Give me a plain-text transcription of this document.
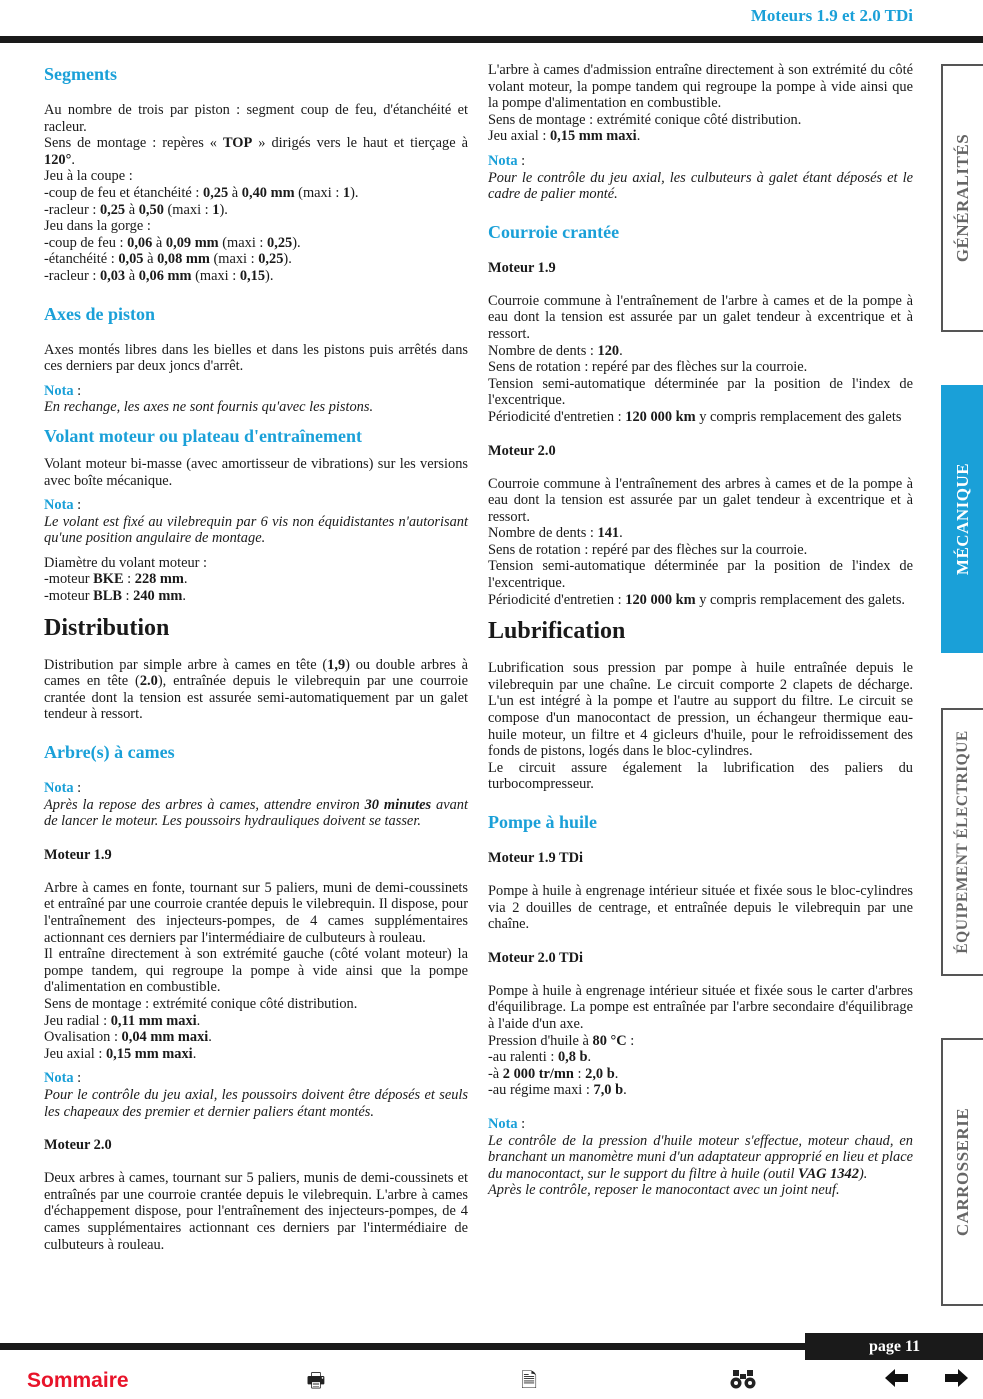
Moteurs 1.9 et 2.0 TDi
Segments

Au nombre de trois par piston : segment coup de feu, d'étanchéité et racleur.

Sens de montage : repères « TOP » dirigés vers le haut et tierçage à 120°.

Jeu à la coupe :

-coup de feu et étanchéité : 0,25 à 0,40 mm (maxi : 1).

-racleur : 0,25 à 0,50 (maxi : 1).

Jeu dans la gorge :

-coup de feu : 0,06 à 0,09 mm (maxi : 0,25).

-étanchéité : 0,05 à 0,08 mm (maxi : 0,25).

-racleur : 0,03 à 0,06 mm (maxi : 0,15).

Axes de piston

Axes montés libres dans les bielles et dans les pistons puis arrêtés dans ces derniers par deux joncs d'arrêt.

Nota :

En rechange, les axes ne sont fournis qu'avec les pistons.

Volant moteur ou plateau d'entraînement

Volant moteur bi-masse (avec amortisseur de vibrations) sur les versions avec boîte mécanique.

Nota :

Le volant est fixé au vilebrequin par 6 vis non équidistantes n'autorisant qu'une position angulaire de montage.

Diamètre du volant moteur :

-moteur BKE : 228 mm.

-moteur BLB : 240 mm.

Distribution

Distribution par simple arbre à cames en tête (1,9) ou double arbres à cames en tête (2.0), entraînée depuis le vilebrequin par une courroie crantée dont la tension est assurée semi-automatiquement par un galet tendeur à ressort.

Arbre(s) à cames

Nota :

Après la repose des arbres à cames, attendre environ 30 minutes avant de lancer le moteur. Les poussoirs hydrauliques doivent se tasser.

Moteur 1.9

Arbre à cames en fonte, tournant sur 5 paliers, muni de demi-coussinets et entraîné par une courroie crantée depuis le vilebrequin. Il dispose, pour l'entraînement des injecteurs-pompes, de 4 cames supplémentaires actionnant ces derniers par l'intermédiaire de culbuteurs à rouleau.

Il entraîne directement à son extrémité gauche (côté volant moteur) la pompe tandem, qui regroupe la pompe à vide ainsi que la pompe d'alimentation en combustible.

Sens de montage : extrémité conique côté distribution.

Jeu radial : 0,11 mm maxi.

Ovalisation : 0,04 mm maxi.

Jeu axial : 0,15 mm maxi.

Nota :

Pour le contrôle du jeu axial, les poussoirs doivent être déposés et seuls les chapeaux des premier et dernier paliers étant montés.

Moteur 2.0

Deux arbres à cames, tournant sur 5 paliers, munis de demi-coussinets et entraînés par une courroie crantée depuis le vilebrequin. L'arbre à cames d'échappement dispose, pour l'entraînement des injecteurs-pompes, de 4 cames supplémentaires actionnant ces derniers par l'intermédiaire de culbuteurs à rouleau.

L'arbre à cames d'admission entraîne directement à son extrémité du côté volant moteur, la pompe tandem qui regroupe la pompe à vide ainsi que la pompe d'alimentation en combustible.

Sens de montage : extrémité conique côté distribution.

Jeu axial : 0,15 mm maxi.

Nota :

Pour le contrôle du jeu axial, les culbuteurs à galet étant déposés et le cadre de palier monté.

Courroie crantée
Moteur 1.9

Courroie commune à l'entraînement de l'arbre à cames et de la pompe à eau dont la tension est assurée par un galet tendeur à excentrique et à ressort.

Nombre de dents : 120.

Sens de rotation : repéré par des flèches sur la courroie.

Tension semi-automatique déterminée par la position de l'index de l'excentrique.

Périodicité d'entretien : 120 000 km y compris remplacement des galets

Moteur 2.0

Courroie commune à l'entraînement des arbres à cames et de la pompe à eau dont la tension est assurée par un galet tendeur à excentrique et à ressort.

Nombre de dents : 141.

Sens de rotation : repéré par des flèches sur la courroie.

Tension semi-automatique déterminée par la position de l'index de l'excentrique.

Périodicité d'entretien : 120 000 km y compris remplacement des galets.

Lubrification

Lubrification sous pression par pompe à huile entraînée depuis le vilebrequin par une chaîne. Le circuit comporte 2 clapets de décharge. L'un est intégré à la pompe et l'autre au support du filtre. Le circuit se compose d'un manocontact de pression, un échangeur thermique eau-huile moteur, un filtre et 4 gicleurs d'huile, pour le refroidissement des fonds de pistons, logés dans le bloc-cylindres.

Le circuit assure également la lubrification des paliers du turbocompresseur.

Pompe à huile
Moteur 1.9 TDi

Pompe à huile à engrenage intérieur située et fixée sous le bloc-cylindres via 2 douilles de centrage, et entraînée depuis le vilebrequin par une chaîne.

Moteur 2.0 TDi

Pompe à huile à engrenage intérieur située et fixée sous le carter d'arbres d'équilibrage. La pompe est entraînée par l'arbre secondaire d'équilibrage à l'aide d'un axe.

Pression d'huile à 80 °C :

-au ralenti : 0,8 b.

-à 2 000 tr/mn : 2,0 b.

-au régime maxi : 7,0 b.

Nota :

Le contrôle de la pression d'huile moteur s'effectue, moteur chaud, en branchant un manomètre muni d'un adaptateur approprié en lieu et place du manocontact, sur le support du filtre à huile (outil VAG 1342).

Après le contrôle, reposer le manocontact avec un joint neuf.

GÉNÉRALITÉS
MÉCANIQUE
ÉQUIPEMENT ÉLECTRIQUE
CARROSSERIE
page 11
Sommaire	🖶	🗎
